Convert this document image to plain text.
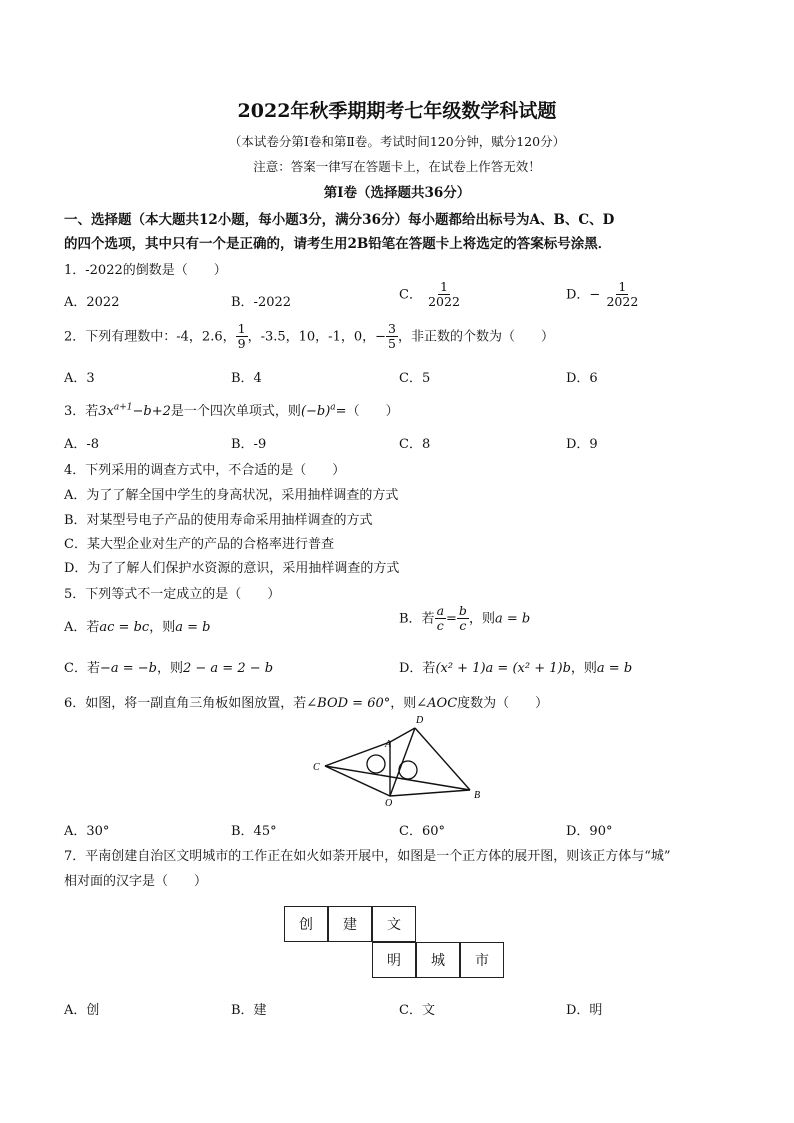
2022年秋季期期考七年级数学科试题
（本试卷分第Ⅰ卷和第Ⅱ卷。考试时间120分钟，赋分120分）
注意：答案一律写在答题卡上，在试卷上作答无效！
第Ⅰ卷（选择题共36分）
一、选择题（本大题共12小题，每小题3分，满分36分）每小题都给出标号为A、B、C、D
的四个选项，其中只有一个是正确的，请考生用2B铅笔在答题卡上将选定的答案标号涂黑．
1．-2022的倒数是（　　）
A．2022	B．-2022
C． $\frac{1}{2022}$	D．− $\frac{1}{2022}$
2．下列有理数中：-4，2.6， $\frac{1}{9}$ ，-3.5，10，-1，0，− $\frac{3}{5}$ ，非正数的个数为（　　）
A．3	B．4	C．5	D．6
3．若$3x^{a+1}-b+2$是一个四次单项式，则$(-b)^a=$（　　）
A．-8	B．-9	C．8	D．9
4．下列采用的调查方式中，不合适的是（　　）
A．为了了解全国中学生的身高状况，采用抽样调查的方式
B．对某型号电子产品的使用寿命采用抽样调查的方式
C．某大型企业对生产的产品的合格率进行普查
D．为了了解人们保护水资源的意识，采用抽样调查的方式
5．下列等式不一定成立的是（　　）
A．若ac = bc，则a = b
B．若 $\frac{a}{c} = \frac{b}{c}$ ，则a = b
C．若−a = −b，则2 − a = 2 − b	D．若(x² + 1)a = (x² + 1)b，则a = b
6．如图，将一副直角三角板如图放置，若∠BOD = 60°，则∠AOC度数为（　　）
D
A
C
O
B
A．30°	B．45°	C．60°	D．90°
7．平南创建自治区文明城市的工作正在如火如荼开展中，如图是一个正方体的展开图，则该正方体与“城”
相对面的汉字是（　　）
创	建	文
明	城	市
A．创	B．建	C．文	D．明
